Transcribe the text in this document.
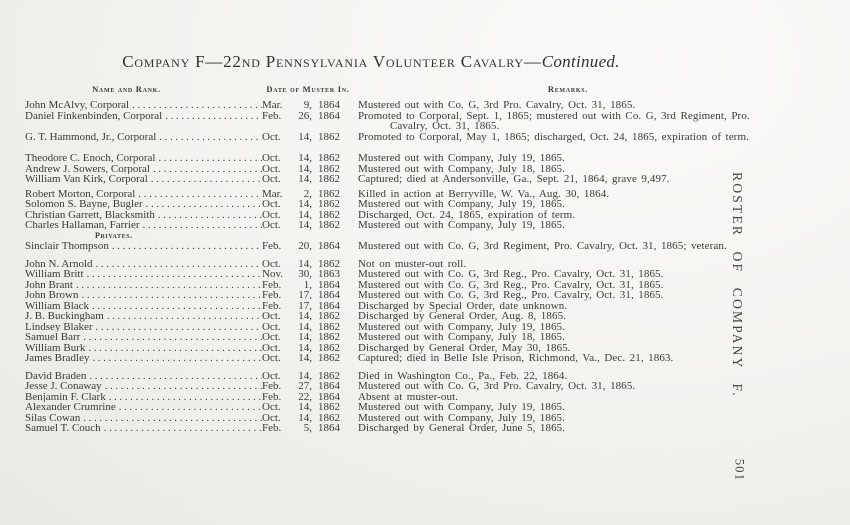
Company F—22nd Pennsylvania Volunteer Cavalry—Continued.
Name and Rank.	Date of Muster In.	Remarks.
John McAlvy, Corporal .....	Mar.	9, 1864	Mustered out with Co. G, 3rd Pro. Cavalry, Oct. 31, 1865.
Daniel Finkenbinden, Corporal .....	Feb.	26, 1864	Promoted to Corporal, Sept. 1, 1865; mustered out with Co. G, 3rd Regiment, Pro. Cavalry, Oct. 31, 1865.
G. T. Hammond, Jr., Corporal .....	Oct.	14, 1862	Promoted to Corporal, May 1, 1865; discharged, Oct. 24, 1865, expiration of term.
Theodore C. Enoch, Corporal .....	Oct.	14, 1862	Mustered out with Company, July 19, 1865.
Andrew J. Sowers, Corporal .....	Oct.	14, 1862	Mustered out with Company, July 18, 1865.
William Van Kirk, Corporal .....	Oct.	14, 1862	Captured; died at Andersonville, Ga., Sept. 21, 1864, grave 9,497.
Robert Morton, Corporal .....	Mar.	2, 1862	Killed in action at Berryville, W. Va., Aug. 30, 1864.
Solomon S. Bayne, Bugler .....	Oct.	14, 1862	Mustered out with Company, July 19, 1865.
Christian Garrett, Blacksmith .....	Oct.	14, 1862	Discharged, Oct. 24, 1865, expiration of term.
Charles Hallaman, Farrier .....	Oct.	14, 1862	Mustered out with Company, July 19, 1865.
Privates.
Sinclair Thompson .....	Feb.	20, 1864	Mustered out with Co. G, 3rd Regiment, Pro. Cavalry, Oct. 31, 1865; veteran.
John N. Arnold .....	Oct.	14, 1862	Not on muster-out roll.
William Britt .....	Nov.	30, 1863	Mustered out with Co. G, 3rd Reg., Pro. Cavalry, Oct. 31, 1865.
John Brant .....	Feb.	1, 1864	Mustered out with Co. G, 3rd Reg., Pro. Cavalry, Oct. 31, 1865.
John Brown .....	Feb.	17, 1864	Mustered out with Co. G, 3rd Reg., Pro. Cavalry, Oct. 31, 1865.
William Black .....	Feb.	17, 1864	Discharged by Special Order, date unknown.
J. B. Buckingham .....	Oct.	14, 1862	Discharged by General Order, Aug. 8, 1865.
Lindsey Blaker .....	Oct.	14, 1862	Mustered out with Company, July 19, 1865.
Samuel Barr .....	Oct.	14, 1862	Mustered out with Company, July 18, 1865.
William Burk .....	Oct.	14, 1862	Discharged by General Order, May 30, 1865.
James Bradley .....	Oct.	14, 1862	Captured; died in Belle Isle Prison, Richmond, Va., Dec. 21, 1863.
David Braden .....	Oct.	14, 1862	Died in Washington Co., Pa., Feb. 22, 1864.
Jesse J. Conaway .....	Feb.	27, 1864	Mustered out with Co. G, 3rd Pro. Cavalry, Oct. 31, 1865.
Benjamin F. Clark .....	Feb.	22, 1864	Absent at muster-out.
Alexander Crumrine .....	Oct.	14, 1862	Mustered out with Company, July 19, 1865.
Silas Cowan .....	Oct.	14, 1862	Mustered out with Company, July 19, 1865.
Samuel T. Couch .....	Feb.	5, 1864	Discharged by General Order, June 5, 1865.
ROSTER OF COMPANY F.
501
